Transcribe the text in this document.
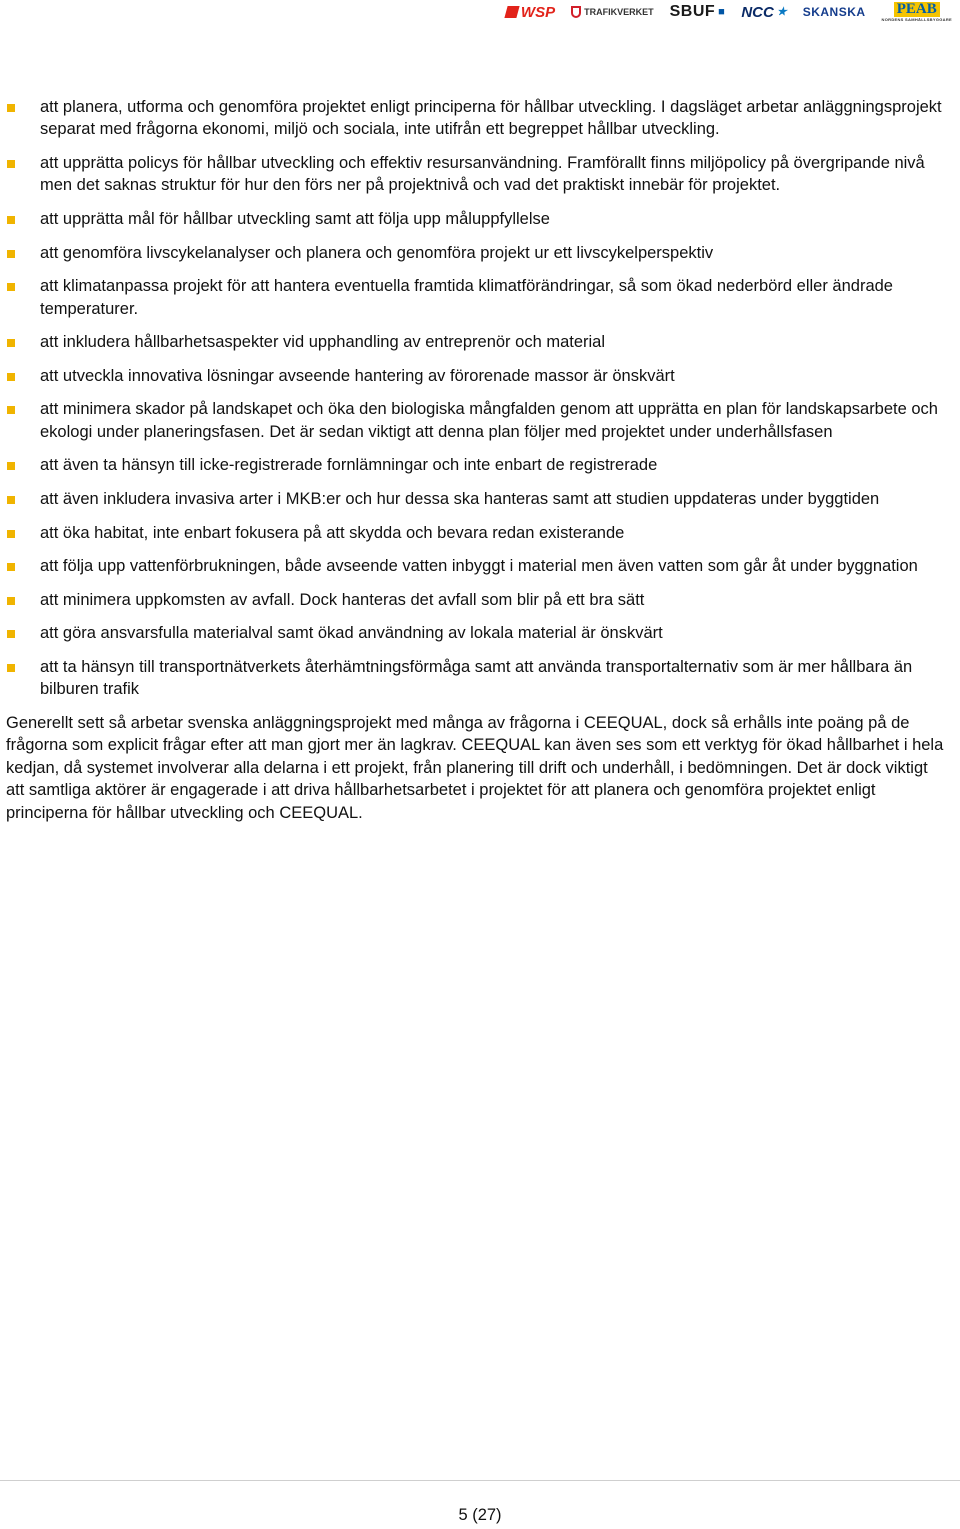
WSP	TRAFIKVERKET SBUF ■ NCC ★ SKANSKA PEAB
NORDENS SAMHÄLLSBYGGARE
att planera, utforma och genomföra projektet enligt principerna för hållbar utveckling. I dagsläget arbetar anläggningsprojekt separat med frågorna ekonomi, miljö och sociala, inte utifrån ett begreppet hållbar utveckling.
att upprätta policys för hållbar utveckling och effektiv resursanvändning. Framförallt finns miljöpolicy på övergripande nivå men det saknas struktur för hur den förs ner på projektnivå och vad det praktiskt innebär för projektet.
att upprätta mål för hållbar utveckling samt att följa upp måluppfyllelse
att genomföra livscykelanalyser och planera och genomföra projekt ur ett livscykelperspektiv
att klimatanpassa projekt för att hantera eventuella framtida klimatförändringar, så som ökad nederbörd eller ändrade temperaturer.
att inkludera hållbarhetsaspekter vid upphandling av entreprenör och material
att utveckla innovativa lösningar avseende hantering av förorenade massor är önskvärt
att minimera skador på landskapet och öka den biologiska mångfalden genom att upprätta en plan för landskapsarbete och ekologi under planeringsfasen. Det är sedan viktigt att denna plan följer med projektet under underhållsfasen
att även ta hänsyn till icke-registrerade fornlämningar och inte enbart de registrerade
att även inkludera invasiva arter i MKB:er och hur dessa ska hanteras samt att studien uppdateras under byggtiden
att öka habitat, inte enbart fokusera på att skydda och bevara redan existerande
att följa upp vattenförbrukningen, både avseende vatten inbyggt i material men även vatten som går åt under byggnation
att minimera uppkomsten av avfall. Dock hanteras det avfall som blir på ett bra sätt
att göra ansvarsfulla materialval samt ökad användning av lokala material är önskvärt
att ta hänsyn till transportnätverkets återhämtningsförmåga samt att använda transportalternativ som är mer hållbara än bilburen trafik

Generellt sett så arbetar svenska anläggningsprojekt med många av frågorna i CEEQUAL, dock så erhålls inte poäng på de frågorna som explicit frågar efter att man gjort mer än lagkrav. CEEQUAL kan även ses som ett verktyg för ökad hållbarhet i hela kedjan, då systemet involverar alla delarna i ett projekt, från planering till drift och underhåll, i bedömningen. Det är dock viktigt att samtliga aktörer är engagerade i att driva hållbarhetsarbetet i projektet för att planera och genomföra projektet enligt principerna för hållbar utveckling och CEEQUAL.

5 (27)
